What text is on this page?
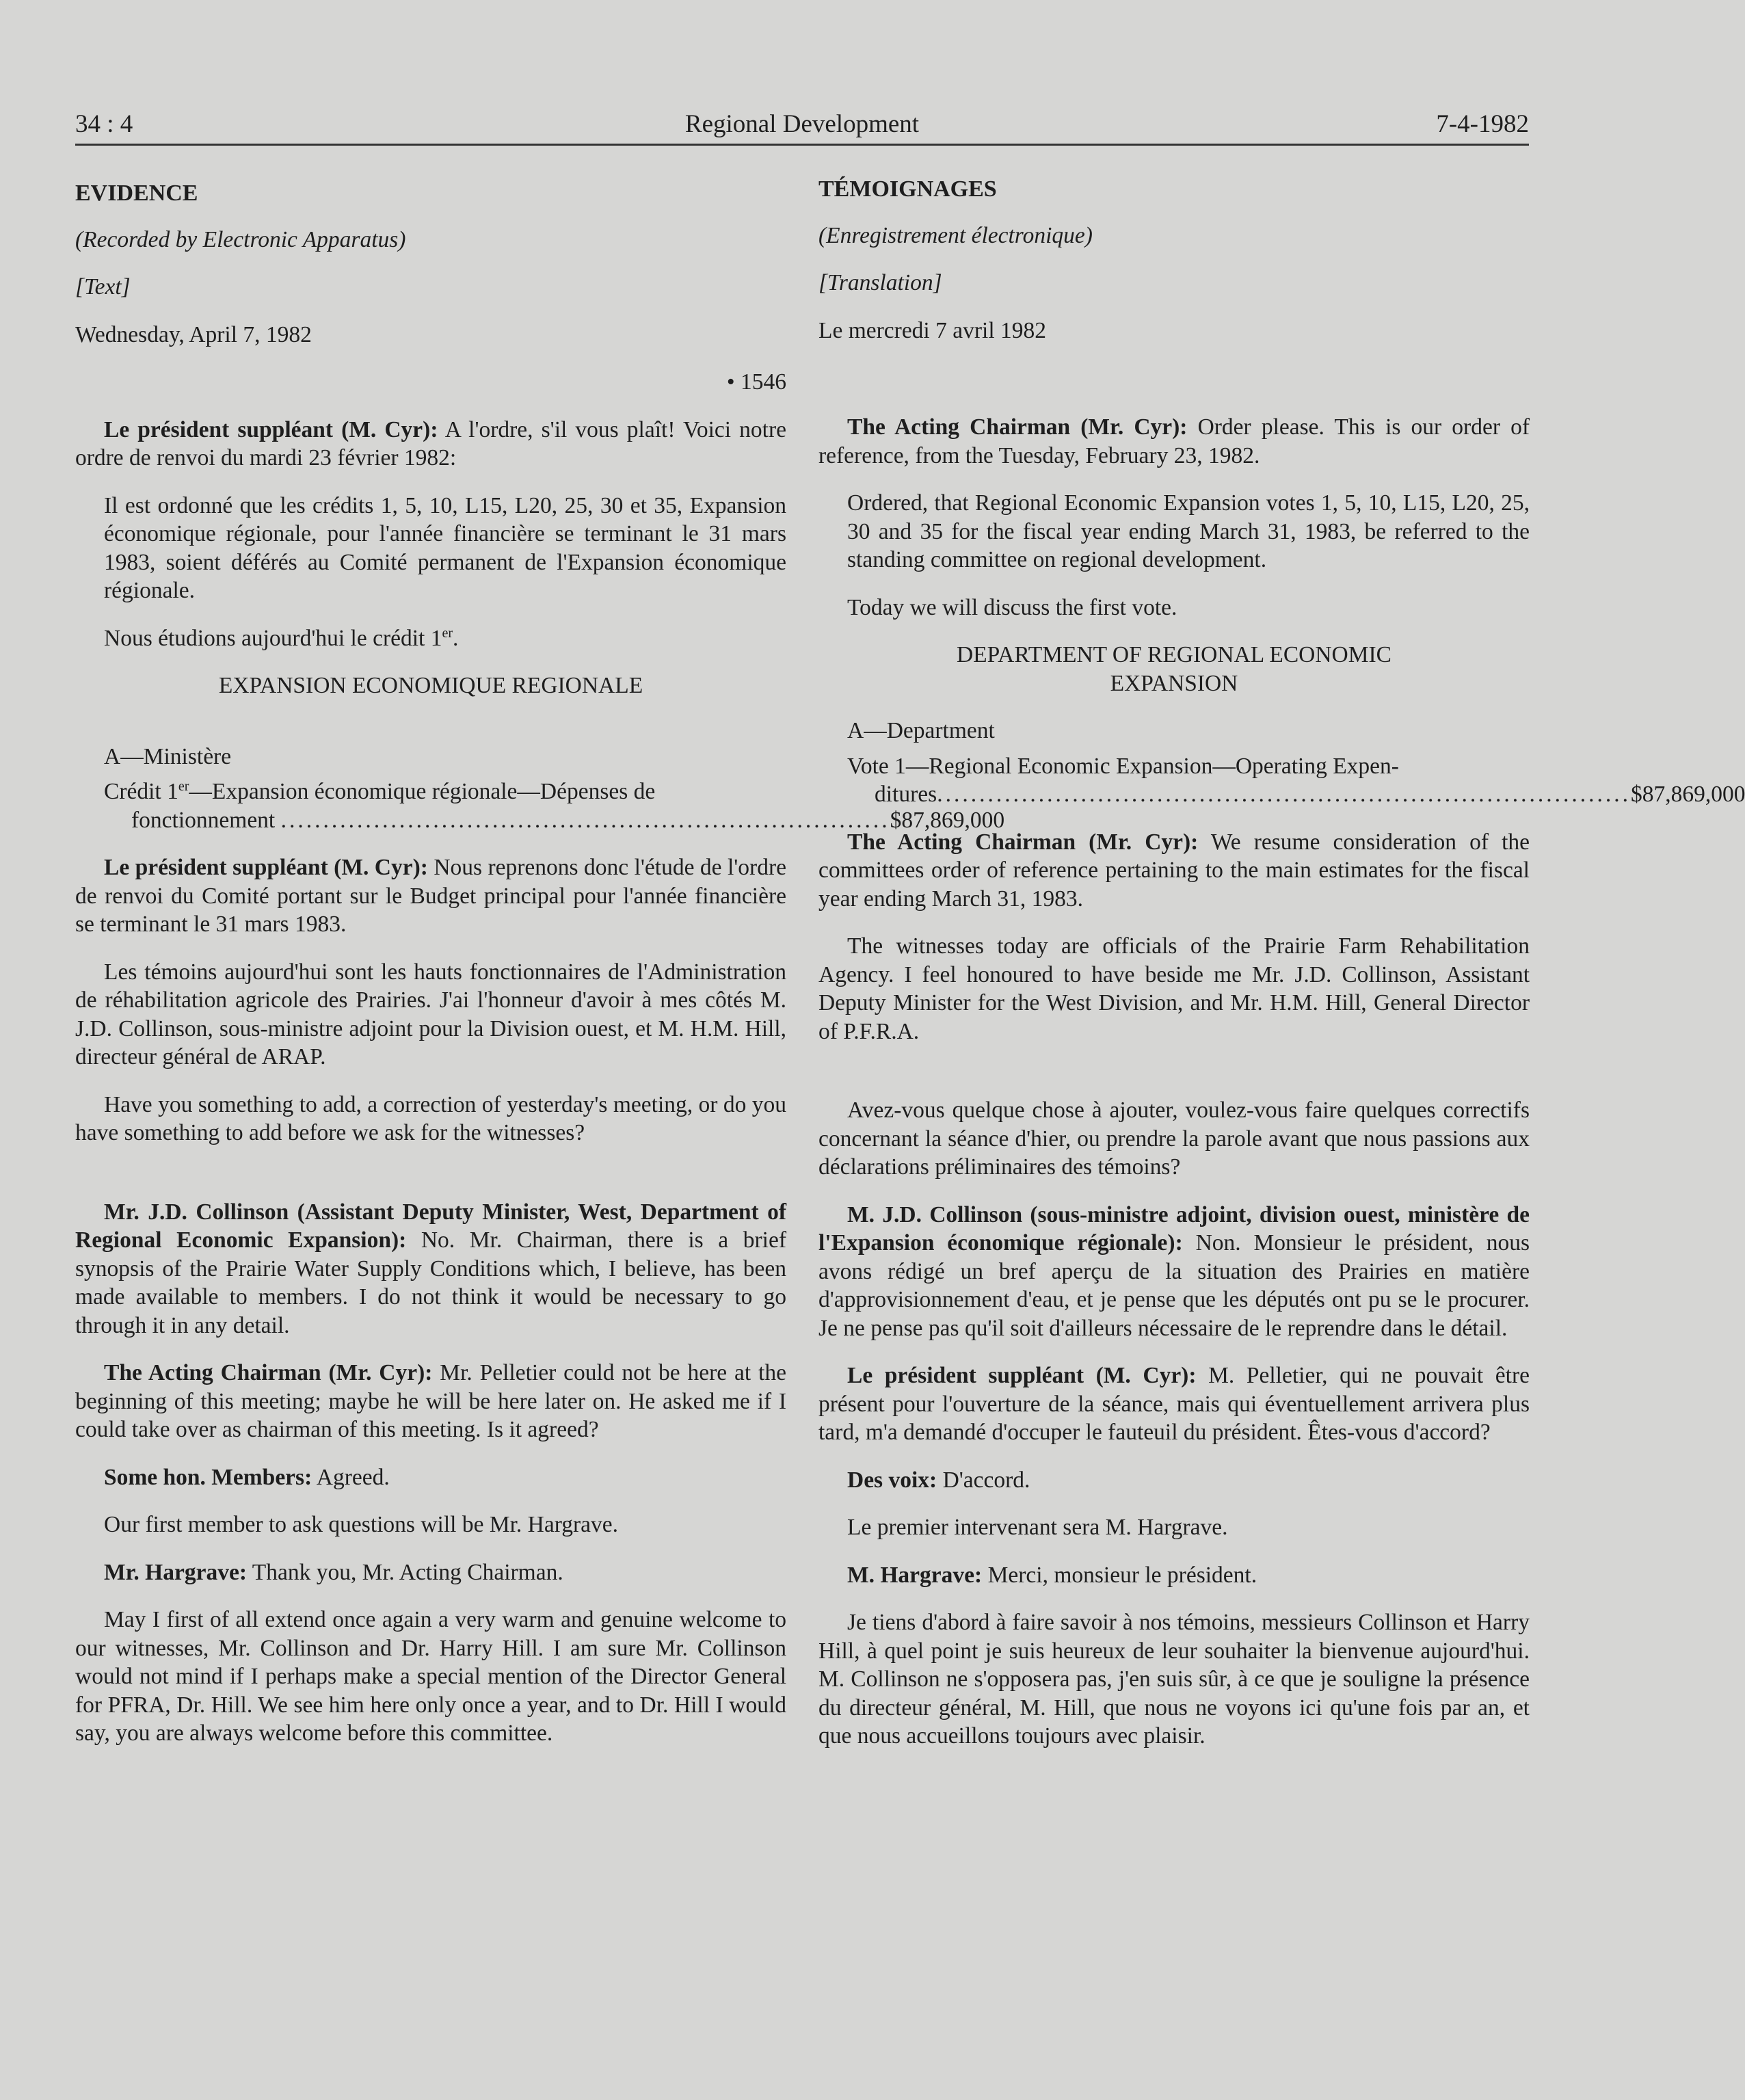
34 : 4	Regional Development	7-4-1982

EVIDENCE

(Recorded by Electronic Apparatus)

[Text]

Wednesday, April 7, 1982

• 1546

Le président suppléant (M. Cyr): A l'ordre, s'il vous plaît! Voici notre ordre de renvoi du mardi 23 février 1982:

Il est ordonné que les crédits 1, 5, 10, L15, L20, 25, 30 et 35, Expansion économique régionale, pour l'année financière se terminant le 31 mars 1983, soient déférés au Comité permanent de l'Expansion économique régionale.

Nous étudions aujourd'hui le crédit 1er.

EXPANSION ECONOMIQUE REGIONALE

A—Ministère

Crédit 1er—Expansion économique régionale—Dépenses de
fonctionnement
........................................................................ $87,869,000

Le président suppléant (M. Cyr): Nous reprenons donc l'étude de l'ordre de renvoi du Comité portant sur le Budget principal pour l'année financière se terminant le 31 mars 1983.

Les témoins aujourd'hui sont les hauts fonctionnaires de l'Administration de réhabilitation agricole des Prairies. J'ai l'honneur d'avoir à mes côtés M. J.D. Collinson, sous-ministre adjoint pour la Division ouest, et M. H.M. Hill, directeur général de ARAP.

Have you something to add, a correction of yesterday's meeting, or do you have something to add before we ask for the witnesses?

Mr. J.D. Collinson (Assistant Deputy Minister, West, Department of Regional Economic Expansion): No. Mr. Chairman, there is a brief synopsis of the Prairie Water Supply Conditions which, I believe, has been made available to members. I do not think it would be necessary to go through it in any detail.

The Acting Chairman (Mr. Cyr): Mr. Pelletier could not be here at the beginning of this meeting; maybe he will be here later on. He asked me if I could take over as chairman of this meeting. Is it agreed?

Some hon. Members: Agreed.

Our first member to ask questions will be Mr. Hargrave.

Mr. Hargrave: Thank you, Mr. Acting Chairman.

May I first of all extend once again a very warm and genuine welcome to our witnesses, Mr. Collinson and Dr. Harry Hill. I am sure Mr. Collinson would not mind if I perhaps make a special mention of the Director General for PFRA, Dr. Hill. We see him here only once a year, and to Dr. Hill I would say, you are always welcome before this committee.

TÉMOIGNAGES

(Enregistrement électronique)

[Translation]

Le mercredi 7 avril 1982

The Acting Chairman (Mr. Cyr): Order please. This is our order of reference, from the Tuesday, February 23, 1982.

Ordered, that Regional Economic Expansion votes 1, 5, 10, L15, L20, 25, 30 and 35 for the fiscal year ending March 31, 1983, be referred to the standing committee on regional development.

Today we will discuss the first vote.

DEPARTMENT OF REGIONAL ECONOMIC
EXPANSION

A—Department

Vote 1—Regional Economic Expansion—Operating Expen-
ditures .................................................................................. $87,869,000

The Acting Chairman (Mr. Cyr): We resume consideration of the committees order of reference pertaining to the main estimates for the fiscal year ending March 31, 1983.

The witnesses today are officials of the Prairie Farm Rehabilitation Agency. I feel honoured to have beside me Mr. J.D. Collinson, Assistant Deputy Minister for the West Division, and Mr. H.M. Hill, General Director of P.F.R.A.

Avez-vous quelque chose à ajouter, voulez-vous faire quelques correctifs concernant la séance d'hier, ou prendre la parole avant que nous passions aux déclarations préliminaires des témoins?

M. J.D. Collinson (sous-ministre adjoint, division ouest, ministère de l'Expansion économique régionale): Non. Monsieur le président, nous avons rédigé un bref aperçu de la situation des Prairies en matière d'approvisionnement d'eau, et je pense que les députés ont pu se le procurer. Je ne pense pas qu'il soit d'ailleurs nécessaire de le reprendre dans le détail.

Le président suppléant (M. Cyr): M. Pelletier, qui ne pouvait être présent pour l'ouverture de la séance, mais qui éventuellement arrivera plus tard, m'a demandé d'occuper le fauteuil du président. Êtes-vous d'accord?

Des voix: D'accord.

Le premier intervenant sera M. Hargrave.

M. Hargrave: Merci, monsieur le président.

Je tiens d'abord à faire savoir à nos témoins, messieurs Collinson et Harry Hill, à quel point je suis heureux de leur souhaiter la bienvenue aujourd'hui. M. Collinson ne s'opposera pas, j'en suis sûr, à ce que je souligne la présence du directeur général, M. Hill, que nous ne voyons ici qu'une fois par an, et que nous accueillons toujours avec plaisir.
